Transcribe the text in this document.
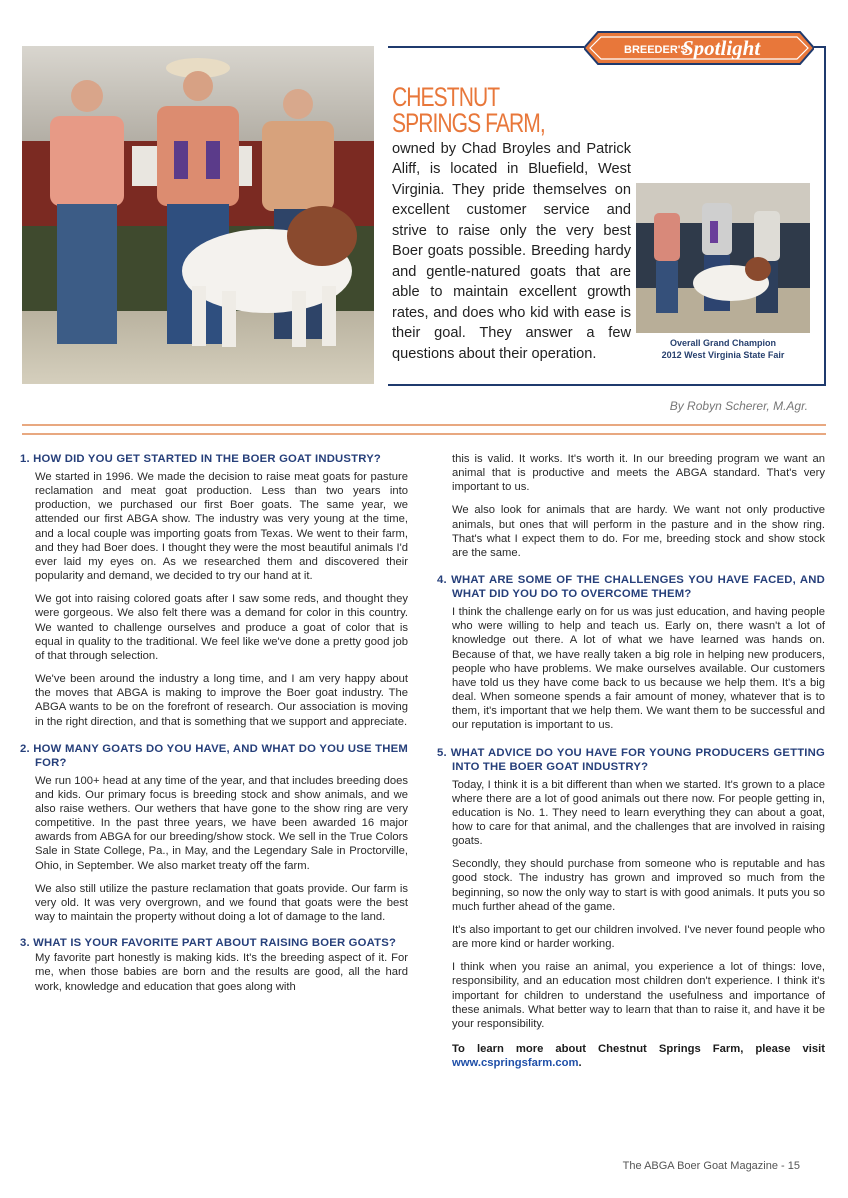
BREEDER'S
Spotlight
CHESTNUT SPRINGS FARM, owned by Chad Broyles and Patrick Aliff, is located in Bluefield, West Virginia. They pride themselves on excellent customer service and strive to raise only the very best Boer goats possible. Breeding hardy and gentle-natured goats that are able to maintain excellent growth rates, and does who kid with ease is their goal. They answer a few questions about their operation.
Overall Grand Champion
2012 West Virginia State Fair
By Robyn Scherer, M.Agr.

1. HOW DID YOU GET STARTED IN THE BOER GOAT INDUSTRY?

We started in 1996. We made the decision to raise meat goats for pasture reclamation and meat goat production. Less than two years into production, we purchased our first Boer goats. The same year, we attended our first ABGA show. The industry was very young at the time, and a local couple was importing goats from Texas. We went to their farm, and they had Boer does. I thought they were the most beautiful animals I'd ever laid my eyes on. As we researched them and discovered their popularity and demand, we decided to try our hand at it.

We got into raising colored goats after I saw some reds, and thought they were gorgeous. We also felt there was a demand for color in this country. We wanted to challenge ourselves and produce a goat of color that is equal in quality to the traditional. We feel like we've done a pretty good job of that through selection.

We've been around the industry a long time, and I am very happy about the moves that ABGA is making to improve the Boer goat industry. The ABGA wants to be on the forefront of research. Our association is moving in the right direction, and that is something that we support and appreciate.

2. HOW MANY GOATS DO YOU HAVE, AND WHAT DO YOU USE THEM FOR?

We run 100+ head at any time of the year, and that includes breeding does and kids. Our primary focus is breeding stock and show animals, and we also raise wethers. Our wethers that have gone to the show ring are very competitive. In the past three years, we have been awarded 16 major awards from ABGA for our breeding/show stock. We sell in the True Colors Sale in State College, Pa., in May, and the Legendary Sale in Proctorville, Ohio, in September. We also market treaty off the farm.

We also still utilize the pasture reclamation that goats provide. Our farm is very old. It was very overgrown, and we found that goats were the best way to maintain the property without doing a lot of damage to the land.

3. WHAT IS YOUR FAVORITE PART ABOUT RAISING BOER GOATS?

My favorite part honestly is making kids. It's the breeding aspect of it. For me, when those babies are born and the results are good, all the hard work, knowledge and education that goes along with

this is valid. It works. It's worth it. In our breeding program we want an animal that is productive and meets the ABGA standard. That's very important to us.

We also look for animals that are hardy. We want not only productive animals, but ones that will perform in the pasture and in the show ring. That's what I expect them to do. For me, breeding stock and show stock are the same.

4. WHAT ARE SOME OF THE CHALLENGES YOU HAVE FACED, AND WHAT DID YOU DO TO OVERCOME THEM?

I think the challenge early on for us was just education, and having people who were willing to help and teach us. Early on, there wasn't a lot of knowledge out there. A lot of what we have learned was hands on. Because of that, we have really taken a big role in helping new producers, people who have problems. We make ourselves available. Our customers have told us they have come back to us because we help them. It's a big deal. When someone spends a fair amount of money, whatever that is to them, it's important that we help them. We want them to be successful and our reputation is important to us.

5. WHAT ADVICE DO YOU HAVE FOR YOUNG PRODUCERS GETTING INTO THE BOER GOAT INDUSTRY?

Today, I think it is a bit different than when we started. It's grown to a place where there are a lot of good animals out there now. For people getting in, education is No. 1. They need to learn everything they can about a goat, how to care for that animal, and the challenges that are involved in raising goats.

Secondly, they should purchase from someone who is reputable and has good stock. The industry has grown and improved so much from the beginning, so now the only way to start is with good animals. It puts you so much further ahead of the game.

It's also important to get our children involved. I've never found people who are more kind or harder working.

I think when you raise an animal, you experience a lot of things: love, responsibility, and an education most children don't experience. I think it's important for children to understand the usefulness and importance of these animals. What better way to learn that than to raise it, and have it be your responsibility.

To learn more about Chestnut Springs Farm, please visit www.cspringsfarm.com.

The ABGA Boer Goat Magazine - 15
